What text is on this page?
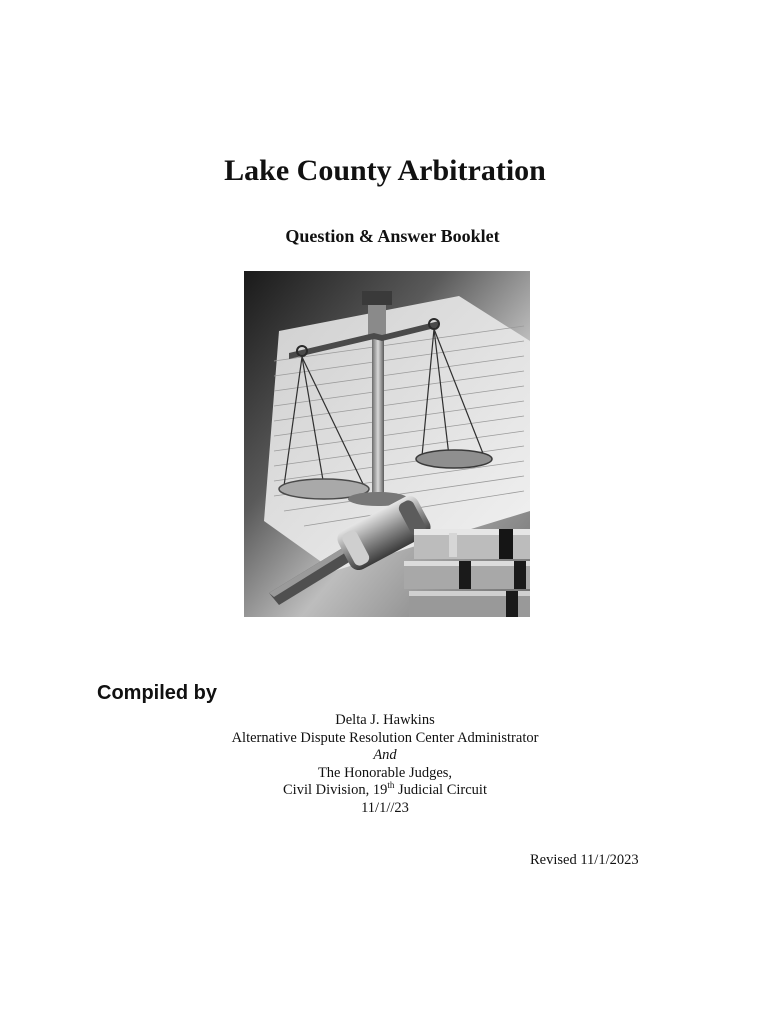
Lake County Arbitration
Question & Answer Booklet
Compiled by
Delta J. Hawkins
Alternative Dispute Resolution Center Administrator
And
The Honorable Judges,
Civil Division, 19th Judicial Circuit
11/1//23
Revised 11/1/2023
